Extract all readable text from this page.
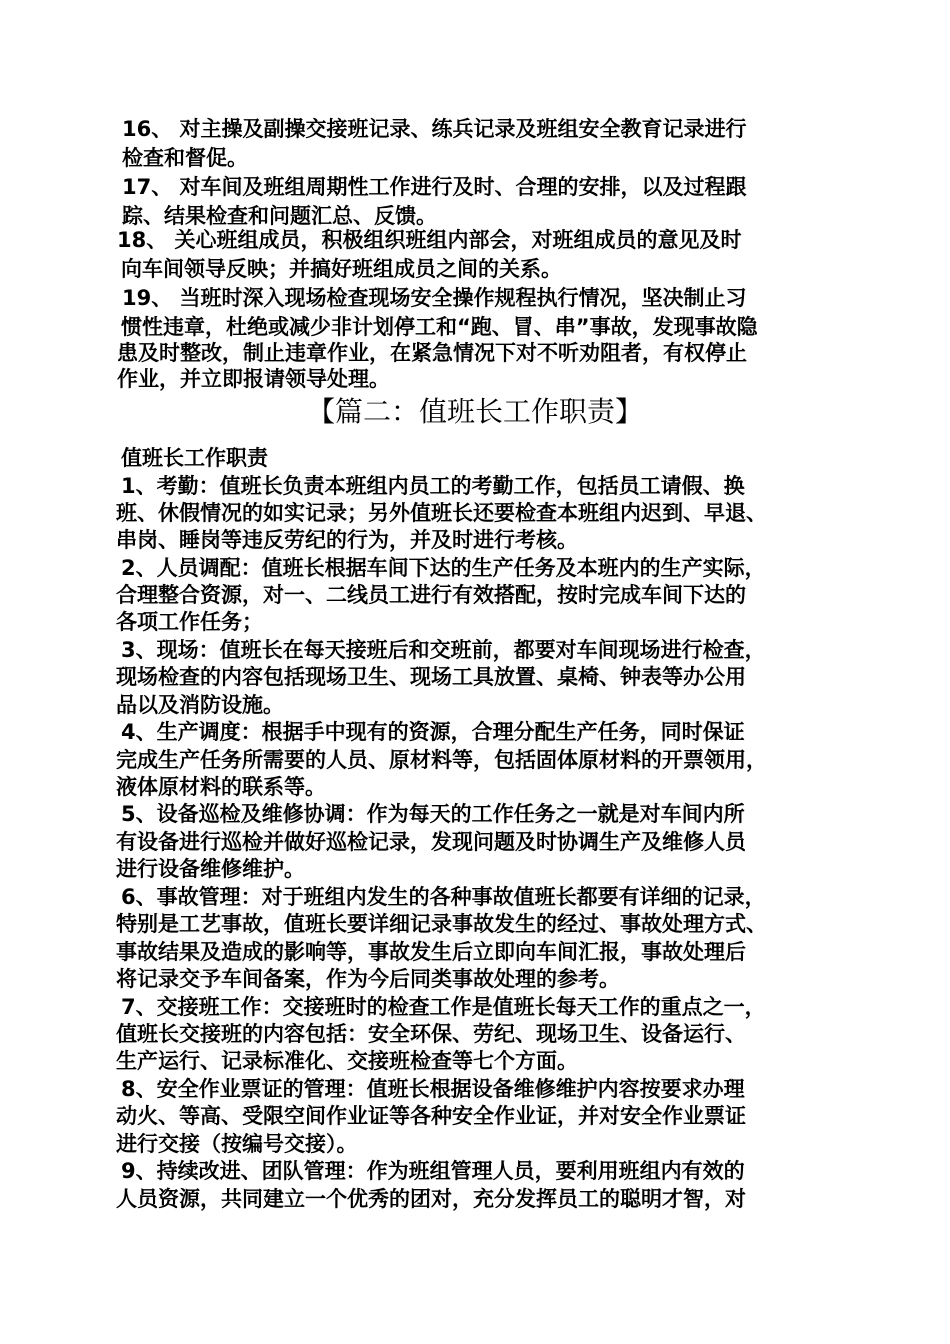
16、 对主操及副操交接班记录、练兵记录及班组安全教育记录进行
检查和督促。
17、 对车间及班组周期性工作进行及时、合理的安排，以及过程跟
踪、结果检查和问题汇总、反馈。
18、 关心班组成员，积极组织班组内部会，对班组成员的意见及时
向车间领导反映；并搞好班组成员之间的关系。
19、 当班时深入现场检查现场安全操作规程执行情况，坚决制止习
惯性违章，杜绝或减少非计划停工和“跑、冒、串”事故，发现事故隐
患及时整改，制止违章作业，在紧急情况下对不听劝阻者，有权停止
作业，并立即报请领导处理。
【篇二：值班长工作职责】
值班长工作职责
1、考勤：值班长负责本班组内员工的考勤工作，包括员工请假、换
班、休假情况的如实记录；另外值班长还要检查本班组内迟到、早退、
串岗、睡岗等违反劳纪的行为，并及时进行考核。
2、人员调配：值班长根据车间下达的生产任务及本班内的生产实际，
合理整合资源，对一、二线员工进行有效搭配，按时完成车间下达的
各项工作任务；
3、现场：值班长在每天接班后和交班前，都要对车间现场进行检查，
现场检查的内容包括现场卫生、现场工具放置、桌椅、钟表等办公用
品以及消防设施。
4、生产调度：根据手中现有的资源，合理分配生产任务，同时保证
完成生产任务所需要的人员、原材料等，包括固体原材料的开票领用，
液体原材料的联系等。
5、设备巡检及维修协调：作为每天的工作任务之一就是对车间内所
有设备进行巡检并做好巡检记录，发现问题及时协调生产及维修人员
进行设备维修维护。
6、事故管理：对于班组内发生的各种事故值班长都要有详细的记录，
特别是工艺事故，值班长要详细记录事故发生的经过、事故处理方式、
事故结果及造成的影响等，事故发生后立即向车间汇报，事故处理后
将记录交予车间备案，作为今后同类事故处理的参考。
7、交接班工作：交接班时的检查工作是值班长每天工作的重点之一，
值班长交接班的内容包括：安全环保、劳纪、现场卫生、设备运行、
生产运行、记录标准化、交接班检查等七个方面。
8、安全作业票证的管理：值班长根据设备维修维护内容按要求办理
动火、等高、受限空间作业证等各种安全作业证，并对安全作业票证
进行交接（按编号交接）。
9、持续改进、团队管理：作为班组管理人员，要利用班组内有效的
人员资源，共同建立一个优秀的团对，充分发挥员工的聪明才智，对
